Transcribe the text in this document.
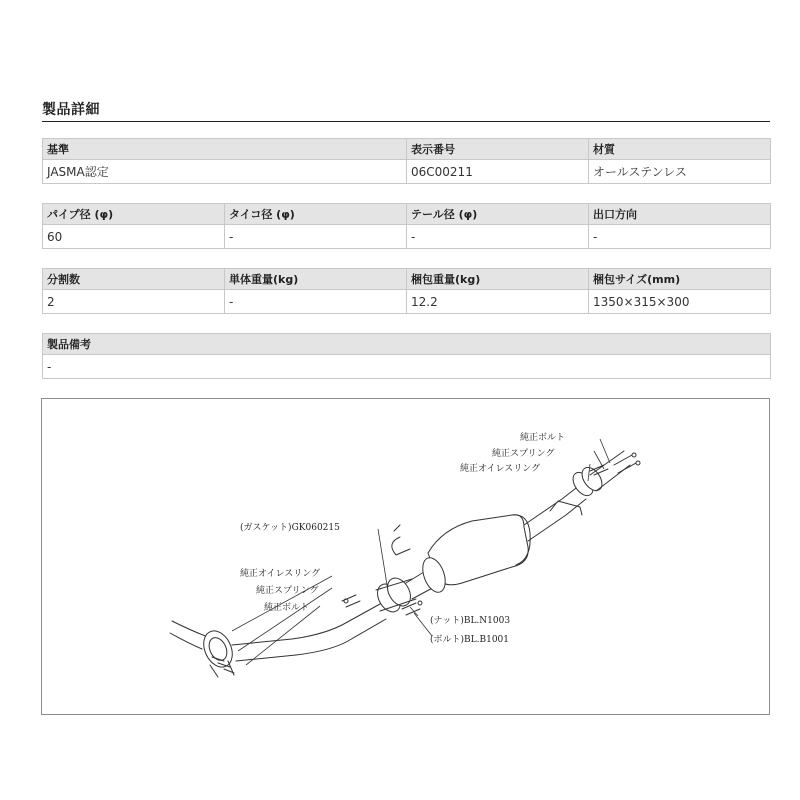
製品詳細
基準	表示番号	材質
JASMA認定	06C00211	オールステンレス
パイプ径 (φ)	タイコ径 (φ)	テール径 (φ)	出口方向
60	-	-	-
分割数	単体重量(kg)	梱包重量(kg)	梱包サイズ(mm)
2	-	12.2	1350×315×300
製品備考
-
純正ボルト
純正スプリング
純正オイレスリング
(ガスケット)GK060215
純正オイレスリング
純正スプリング
純正ボルト
(ナット)BL.N1003
(ボルト)BL.B1001
